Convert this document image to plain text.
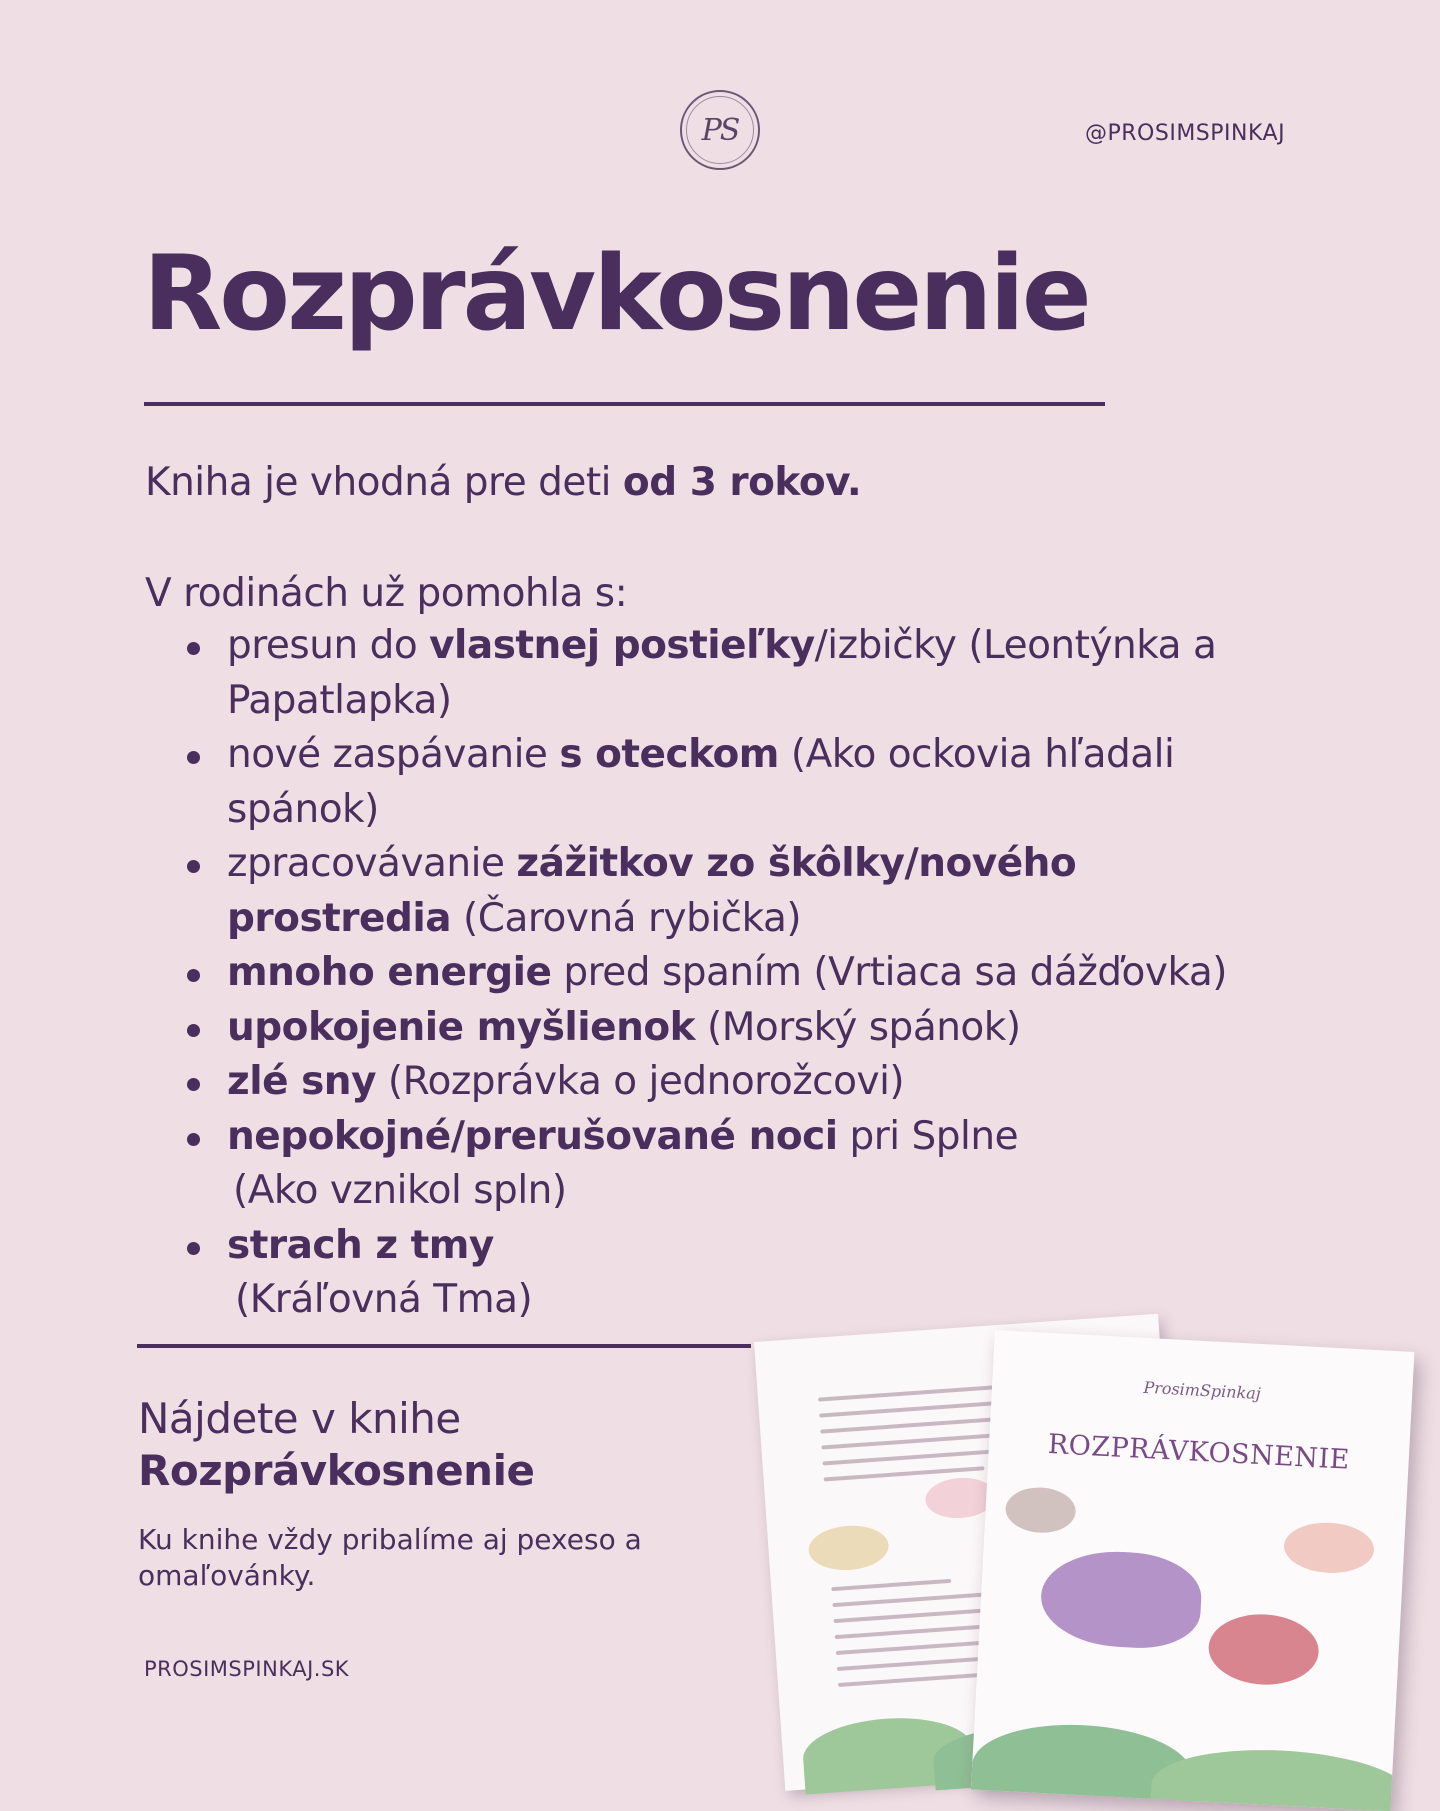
PS	@PROSIMSPINKAJ
Rozprávkosnenie
Kniha je vhodná pre deti od 3 rokov.
V rodinách už pomohla s:
presun do vlastnej postieľky/izbičky (Leontýnka a Papatlapka)
nové zaspávanie s oteckom (Ako ockovia hľadali spánok)
zpracovávanie zážitkov zo škôlky/nového prostredia (Čarovná rybička)
mnoho energie pred spaním (Vrtiaca sa dážďovka)
upokojenie myšlienok (Morský spánok)
zlé sny (Rozprávka o jednorožcovi)
nepokojné/prerušované noci pri Splne
(Ako vznikol spln)
strach z tmy
(Kráľovná Tma)
Nájdete v knihe
Rozprávkosnenie
Ku knihe vždy pribalíme aj pexeso a omaľovánky.
PROSIMSPINKAJ.SK
ProsimSpinkaj
ROZPRÁVKOSNENIE
